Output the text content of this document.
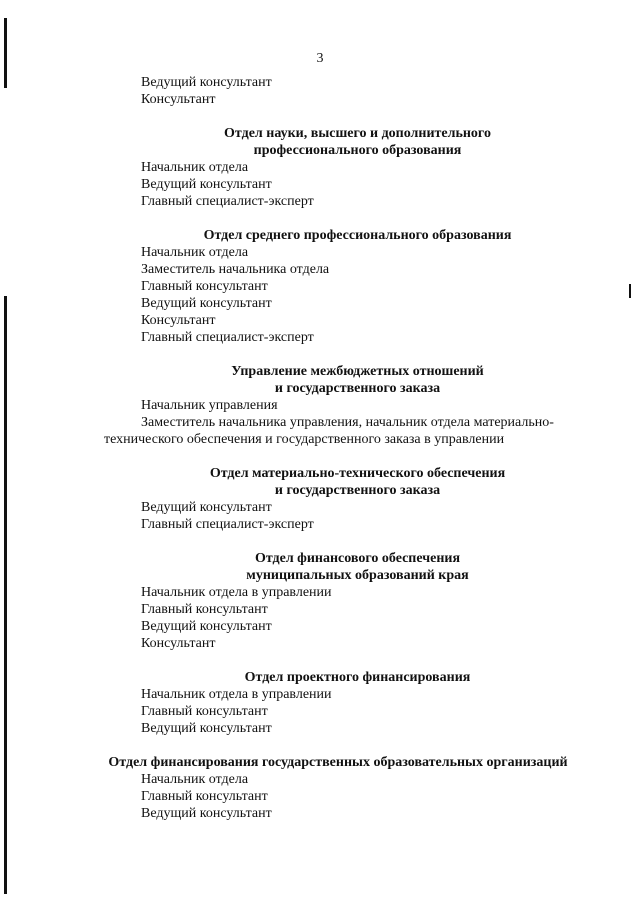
3
Ведущий консультант
Консультант
Отдел науки, высшего и дополнительного
профессионального образования
Начальник отдела
Ведущий консультант
Главный специалист-эксперт
Отдел среднего профессионального образования
Начальник отдела
Заместитель начальника отдела
Главный консультант
Ведущий консультант
Консультант
Главный специалист-эксперт
Управление межбюджетных отношений
и государственного заказа
Начальник управления
Заместитель начальника управления, начальник отдела материально-
технического обеспечения и государственного заказа в управлении
Отдел материально-технического обеспечения
и государственного заказа
Ведущий консультант
Главный специалист-эксперт
Отдел финансового обеспечения
муниципальных образований края
Начальник отдела в управлении
Главный консультант
Ведущий консультант
Консультант
Отдел проектного финансирования
Начальник отдела в управлении
Главный консультант
Ведущий консультант
Отдел финансирования государственных образовательных организаций
Начальник отдела
Главный консультант
Ведущий консультант
